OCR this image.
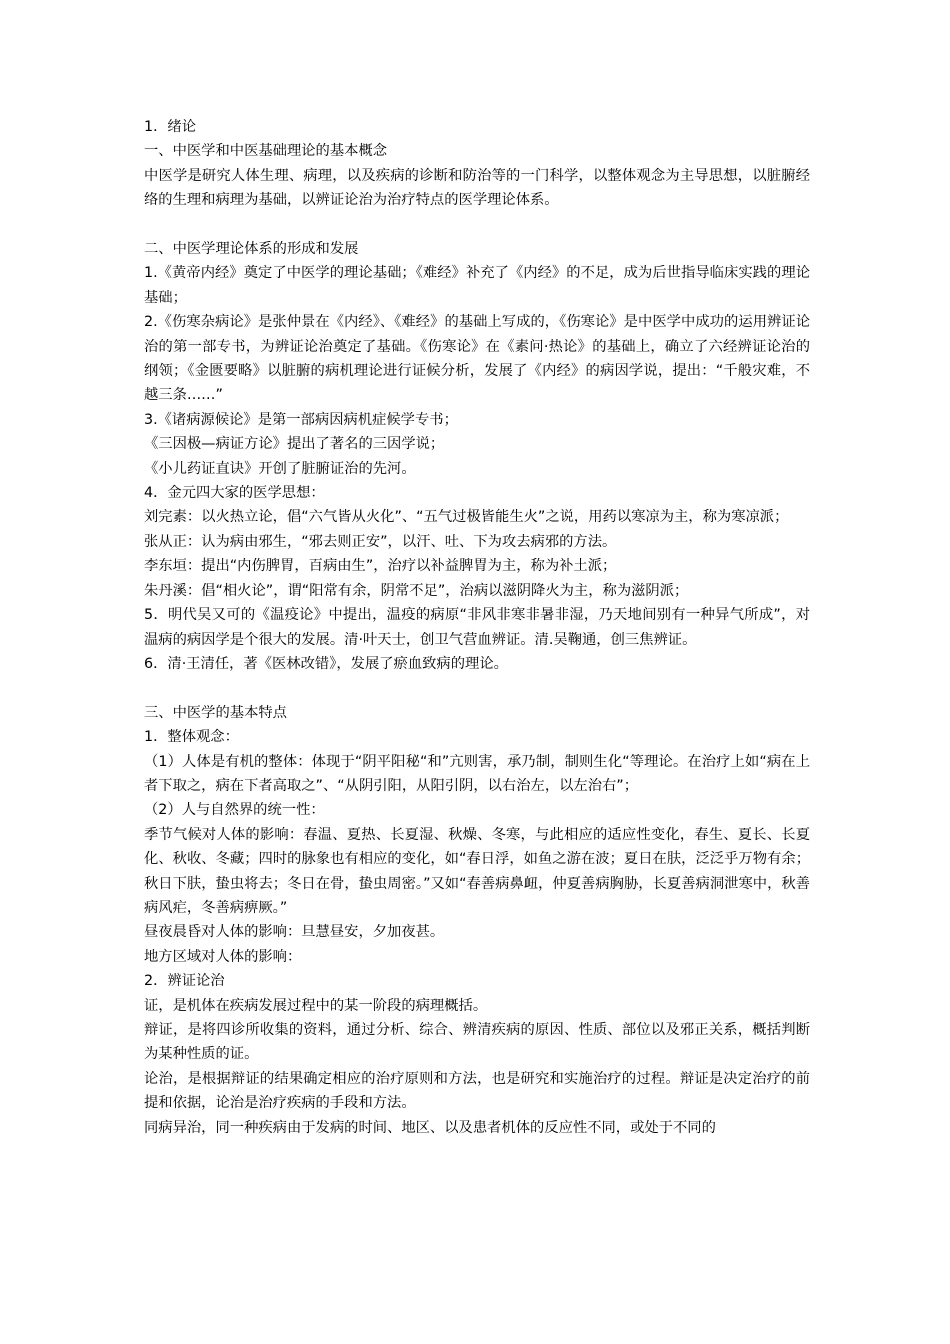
1．绪论

一、中医学和中医基础理论的基本概念

中医学是研究人体生理、病理，以及疾病的诊断和防治等的一门科学，以整体观念为主导思想，以脏腑经络的生理和病理为基础，以辨证论治为治疗特点的医学理论体系。

二、中医学理论体系的形成和发展

1.《黄帝内经》奠定了中医学的理论基础；《难经》补充了《内经》的不足，成为后世指导临床实践的理论基础；

2.《伤寒杂病论》是张仲景在《内经》、《难经》的基础上写成的，《伤寒论》是中医学中成功的运用辨证论治的第一部专书，为辨证论治奠定了基础。《伤寒论》在《素问·热论》的基础上，确立了六经辨证论治的纲领；《金匮要略》以脏腑的病机理论进行证候分析，发展了《内经》的病因学说，提出：“千般灾难，不越三条……”

3.《诸病源候论》是第一部病因病机症候学专书；

《三因极—病证方论》提出了著名的三因学说；

《小儿药证直诀》开创了脏腑证治的先河。

4．金元四大家的医学思想：

刘完素：以火热立论，倡“六气皆从火化”、“五气过极皆能生火”之说，用药以寒凉为主，称为寒凉派；

张从正：认为病由邪生，“邪去则正安”，以汗、吐、下为攻去病邪的方法。

李东垣：提出“内伤脾胃，百病由生”，治疗以补益脾胃为主，称为补土派；

朱丹溪：倡“相火论”，谓“阳常有余，阴常不足”，治病以滋阴降火为主，称为滋阴派；

5．明代吴又可的《温疫论》中提出，温疫的病原“非风非寒非暑非湿，乃天地间别有一种异气所成”，对温病的病因学是个很大的发展。清·叶天士，创卫气营血辨证。清.吴鞠通，创三焦辨证。

6．清·王清任，著《医林改错》，发展了瘀血致病的理论。

三、中医学的基本特点

1．整体观念：

（1）人体是有机的整体：体现于“阴平阳秘“和”亢则害，承乃制，制则生化“等理论。在治疗上如“病在上者下取之，病在下者高取之”、“从阴引阳，从阳引阴，以右治左，以左治右”；

（2）人与自然界的统一性：

季节气候对人体的影响：春温、夏热、长夏湿、秋燥、冬寒，与此相应的适应性变化，春生、夏长、长夏化、秋收、冬藏；四时的脉象也有相应的变化，如“春日浮，如鱼之游在波；夏日在肤，泛泛乎万物有余；秋日下肤，蛰虫将去；冬日在骨，蛰虫周密。”又如“春善病鼻衄，仲夏善病胸胁，长夏善病洞泄寒中，秋善病风疟，冬善病痹厥。”

昼夜晨昏对人体的影响：旦慧昼安，夕加夜甚。

地方区域对人体的影响：

2．辨证论治

证，是机体在疾病发展过程中的某一阶段的病理概括。

辩证，是将四诊所收集的资料，通过分析、综合、辨清疾病的原因、性质、部位以及邪正关系，概括判断为某种性质的证。

论治，是根据辩证的结果确定相应的治疗原则和方法，也是研究和实施治疗的过程。辩证是决定治疗的前提和依据，论治是治疗疾病的手段和方法。

同病异治，同一种疾病由于发病的时间、地区、以及患者机体的反应性不同，或处于不同的
